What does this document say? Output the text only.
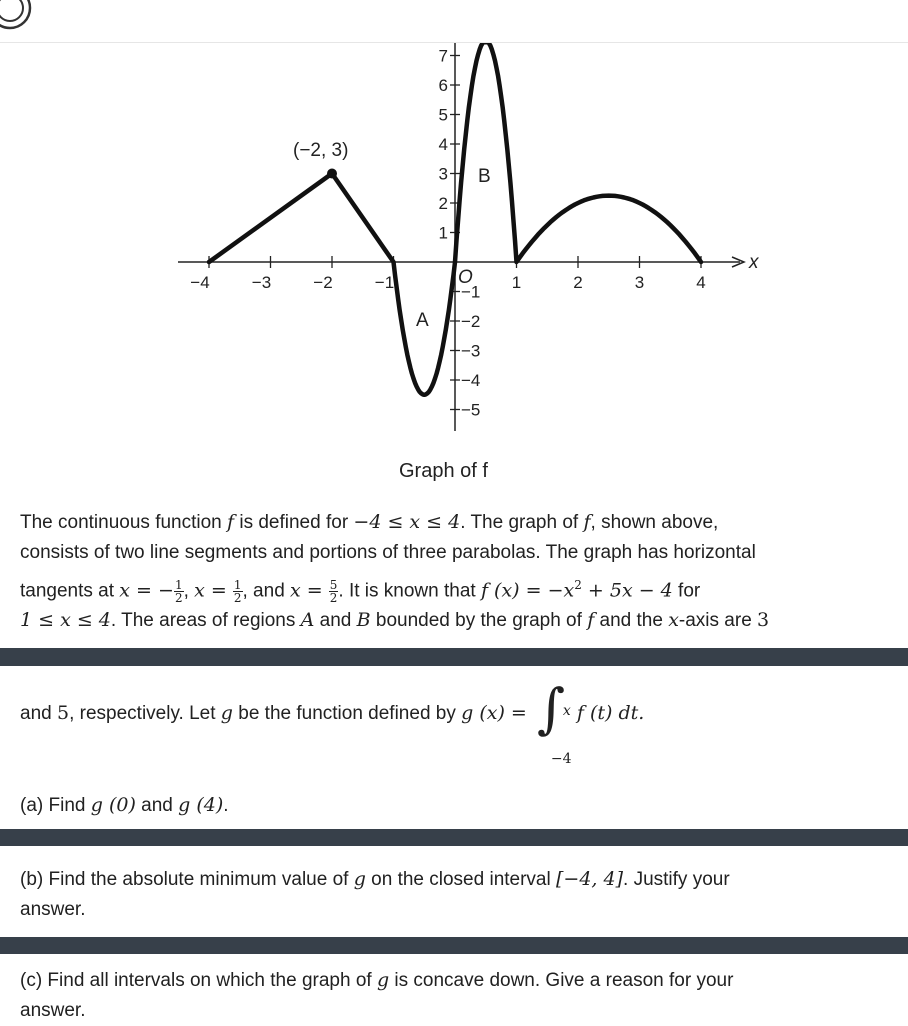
−4 −3 −2 −1	1	2	3	4
1
2
3
4
5
6
7
−1
−2
−3
−4
−5
(−2, 3)
A
B
O
x
Graph of f
The continuous function f is defined for −4 ≤ x ≤ 4. The graph of f, shown above,
consists of two line segments and portions of three parabolas. The graph has horizontal
tangents at x = − $\frac{1}{2}$ , $x = \frac{1}{2}$ , and $x = \frac{5}{2}$ . It is known that f $(x) = -x^2 + 5x - 4$ for
1 ≤ x ≤ 4. The areas of regions A and B bounded by the graph of f and the x-axis are 3
and 5, respectively. Let g be the function defined by g (x) = ∫
x
−4
f (t) dt.
(a) Find g (0) and g (4).
(b) Find the absolute minimum value of g on the closed interval [−4, 4]. Justify your
answer.
(c) Find all intervals on which the graph of g is concave down. Give a reason for your
answer.
